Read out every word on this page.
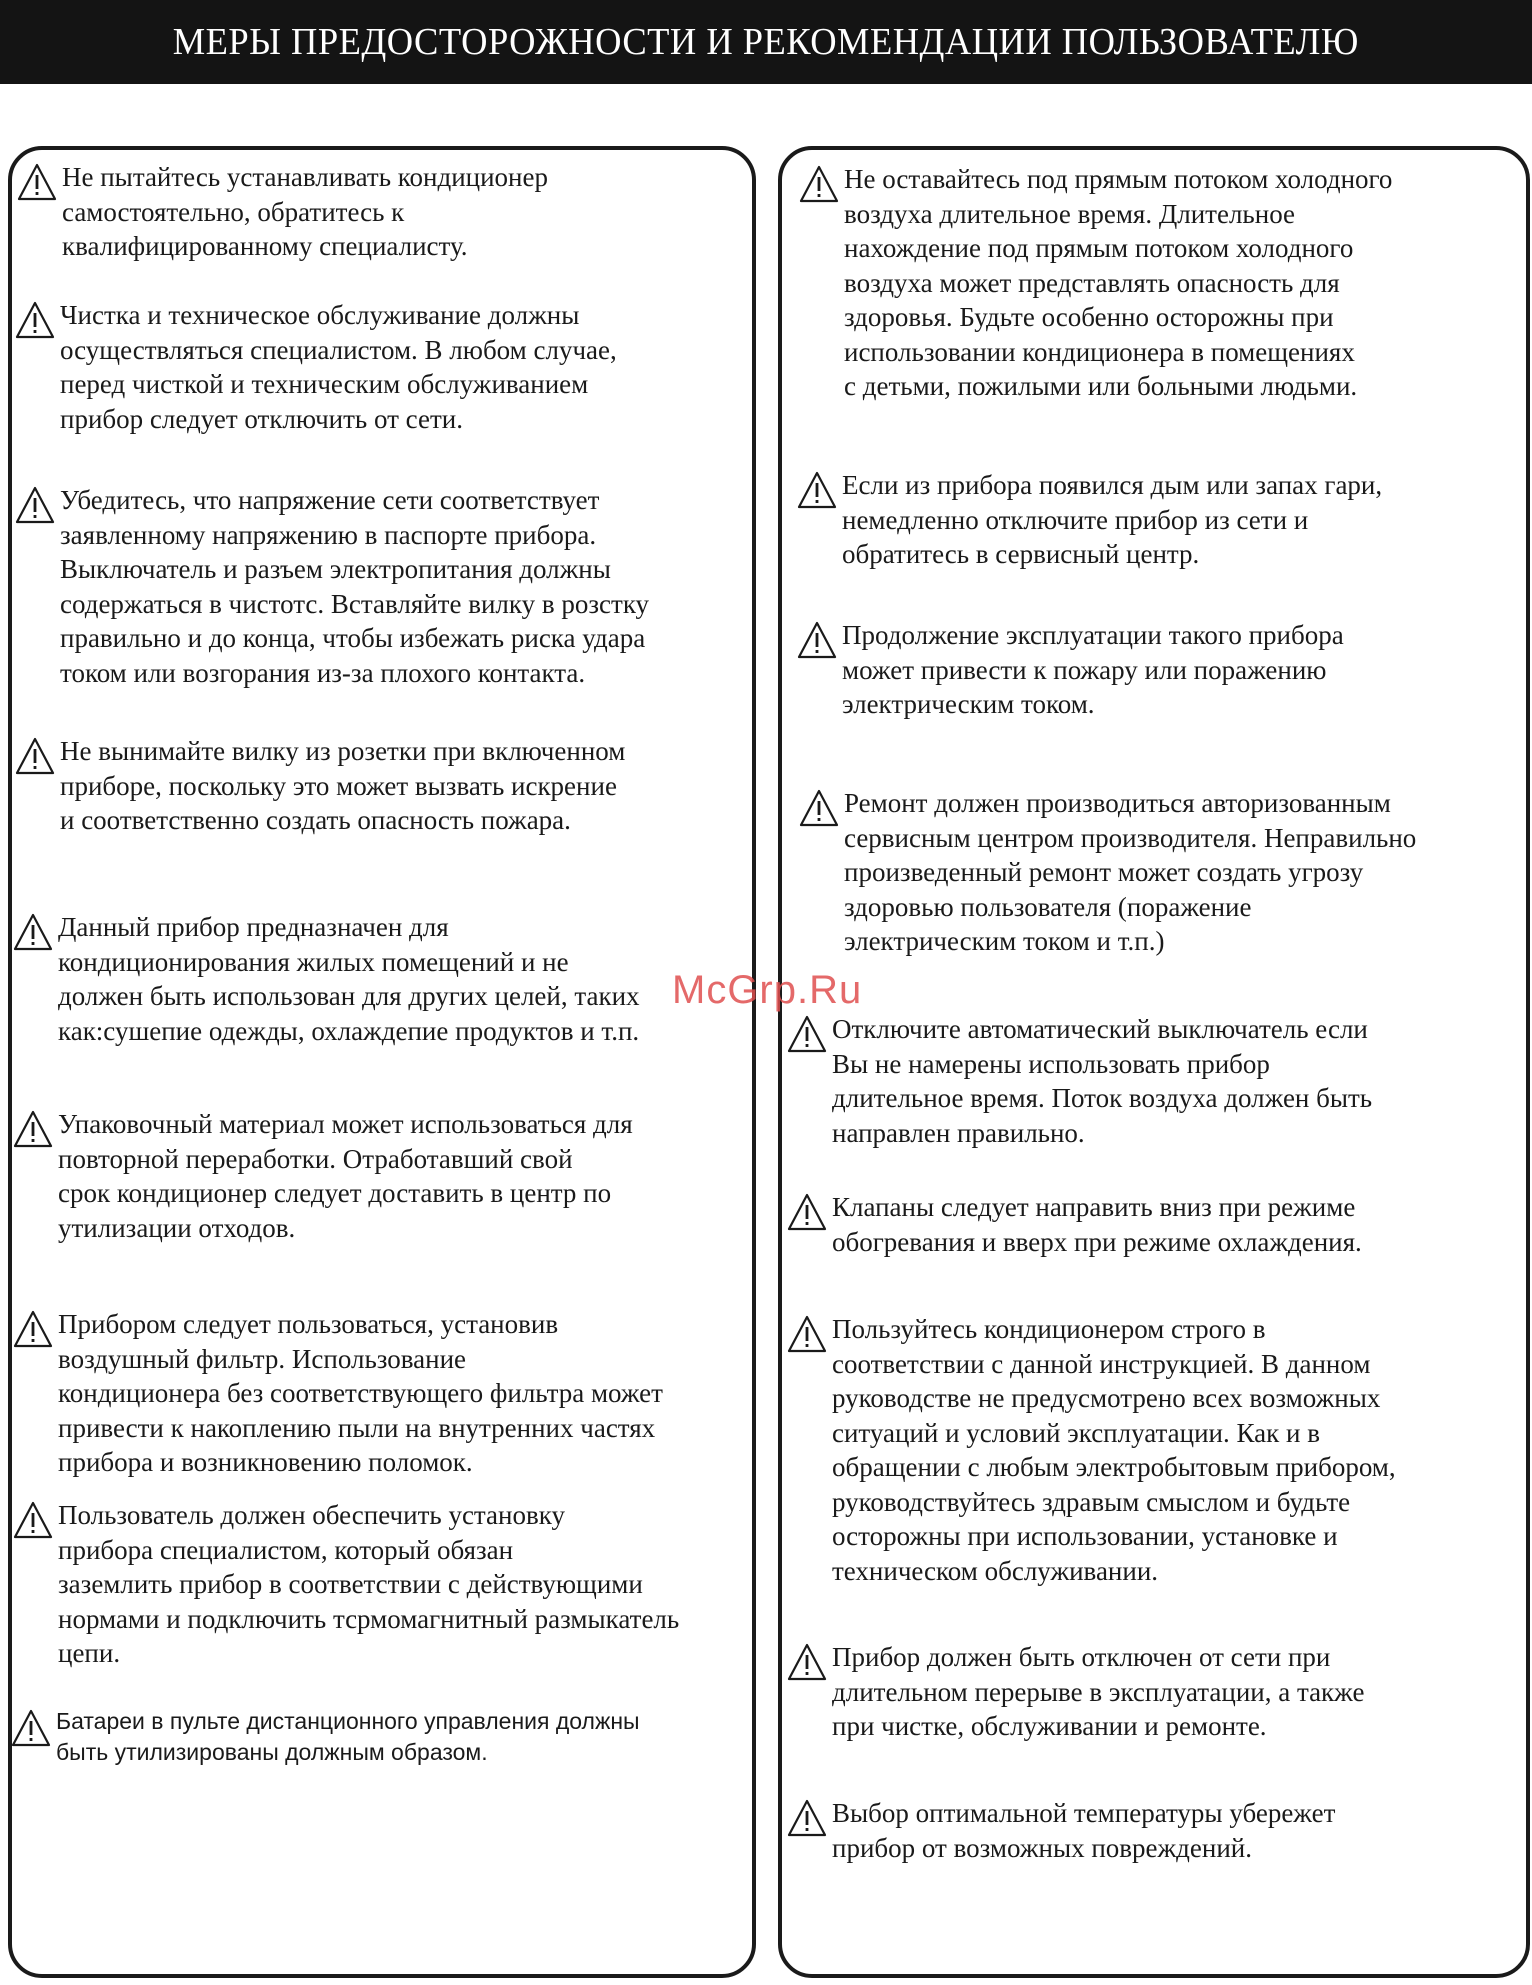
МЕРЫ ПРЕДОСТОРОЖНОСТИ И РЕКОМЕНДАЦИИ ПОЛЬЗОВАТЕЛЮ

Не пытайтесь устанавливать кондиционер
самостоятельно, обратитесь к
квалифицированному специалисту.

Чистка и техническое обслуживание должны
осуществляться специалистом. В любом случае,
перед чисткой и техническим обслуживанием
прибор следует отключить от сети.

Убедитесь, что напряжение сети соответствует
заявленному напряжению в паспорте прибора.
Выключатель и разъем электропитания должны
содержаться в чистотс. Вставляйте вилку в розстку
правильно и до конца, чтобы избежать риска удара
током или возгорания из-за плохого контакта.

Не вынимайте вилку из розетки при включенном
приборе, поскольку это может вызвать искрение
и соответственно создать опасность пожара.

Данный прибор предназначен для
кондиционирования жилых помещений и не
должен быть использован для других целей, таких
как:сушепие одежды, охлаждепие продуктов и т.п.

Упаковочный материал может использоваться для
повторной переработки. Отработавший свой
срок кондиционер следует доставить в центр по
утилизации отходов.

Прибором следует пользоваться, установив
воздушный фильтр. Использование
кондиционера без соответствующего фильтра может
привести к накоплению пыли на внутренних частях
прибора и возникновению поломок.

Пользователь должен обеспечить установку
прибора специалистом, который обязан
заземлить прибор в соответствии с действующими
нормами и подключить тсрмомагнитный размыкатель
цепи.

Батареи в пульте дистанционного управления должны
быть утилизированы должным образом.

Не оставайтесь под прямым потоком холодного
воздуха длительное время. Длительное
нахождение под прямым потоком холодного
воздуха может представлять опасность для
здоровья. Будьте особенно осторожны при
использовании кондиционера в помещениях
с детьми, пожилыми или больными людьми.

Если из прибора появился дым или запах гари,
немедленно отключите прибор из сети и
обратитесь в сервисный центр.

Продолжение эксплуатации такого прибора
может привести к пожару или поражению
электрическим током.

Ремонт должен производиться авторизованным
сервисным центром производителя. Неправильно
произведенный ремонт может создать угрозу
здоровью пользователя (поражение
электрическим током и т.п.)

Отключите автоматический выключатель если
Вы не намерены использовать прибор
длительное время. Поток воздуха должен быть
направлен правильно.

Клапаны следует направить вниз при режиме
обогревания и вверх при режиме охлаждения.

Пользуйтесь кондиционером строго в
соответствии с данной инструкцией. В данном
руководстве не предусмотрено всех возможных
ситуаций и условий эксплуатации. Как и в
обращении с любым электробытовым прибором,
руководствуйтесь здравым смыслом и будьте
осторожны при использовании, установке и
техническом обслуживании.

Прибор должен быть отключен от сети при
длительном перерыве в эксплуатации, а также
при чистке, обслуживании и ремонте.

Выбор оптимальной температуры убережет
прибор от возможных повреждений.

McGrp.Ru
